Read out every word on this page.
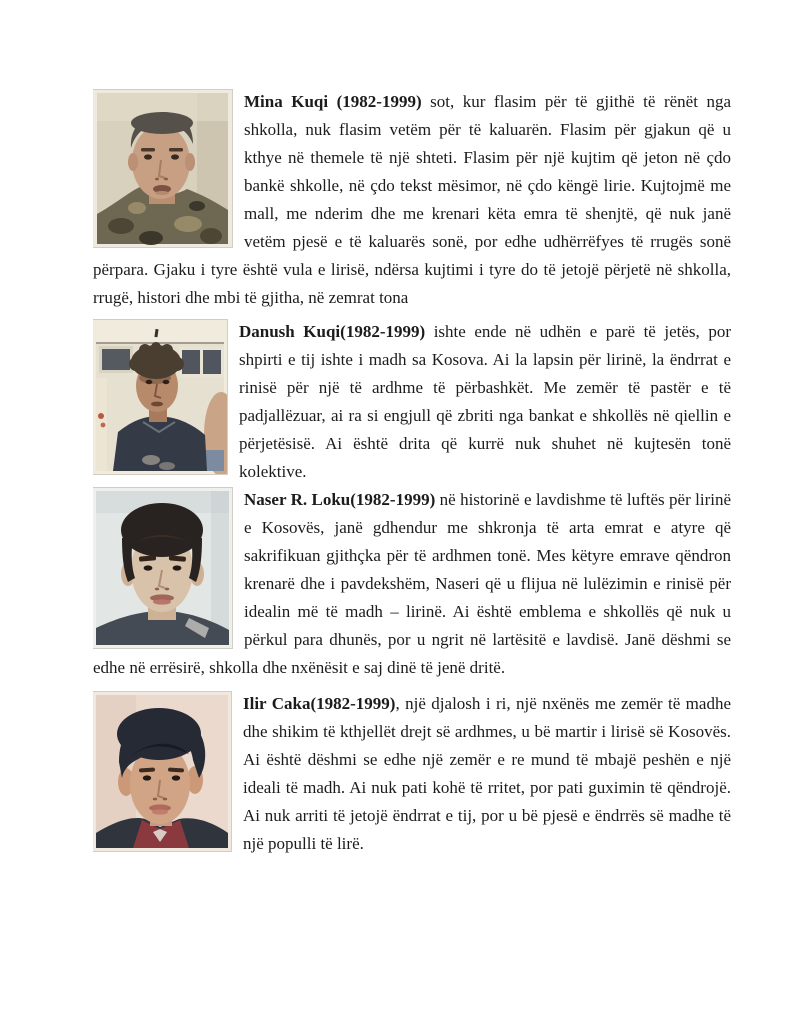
Mina Kuqi (1982-1999) sot, kur flasim për të gjithë të rënët nga shkolla, nuk flasim vetëm për të kaluarën. Flasim për gjakun që u kthye në themele të një shteti. Flasim për një kujtim që jeton në çdo bankë shkolle, në çdo tekst mësimor, në çdo këngë lirie. Kujtojmë me mall, me nderim dhe me krenari këta emra të shenjtë, që nuk janë vetëm pjesë e të kaluarës sonë, por edhe udhërrëfyes të rrugës sonë përpara. Gjaku i tyre është vula e lirisë, ndërsa kujtimi i tyre do të jetojë përjetë në shkolla, rrugë, histori dhe mbi të gjitha, në zemrat tona

Danush Kuqi(1982-1999) ishte ende në udhën e parë të jetës, por shpirti e tij ishte i madh sa Kosova. Ai la lapsin për lirinë, la ëndrrat e rinisë për një të ardhme të përbashkët. Me zemër të pastër e të padjallëzuar, ai ra si engjull që zbriti nga bankat e shkollës në qiellin e përjetësisë. Ai është drita që kurrë nuk shuhet në kujtesën tonë kolektive.

Naser R. Loku(1982-1999) në historinë e lavdishme të luftës për lirinë e Kosovës, janë gdhendur me shkronja të arta emrat e atyre që sakrifikuan gjithçka për të ardhmen tonë. Mes këtyre emrave qëndron krenarë dhe i pavdekshëm, Naseri që u flijua në lulëzimin e rinisë për idealin më të madh – lirinë. Ai është emblema e shkollës që nuk u përkul para dhunës, por u ngrit në lartësitë e lavdisë. Janë dëshmi se edhe në errësirë, shkolla dhe nxënësit e saj dinë të jenë dritë.

Ilir Caka(1982-1999), një djalosh i ri, një nxënës me zemër të madhe dhe shikim të kthjellët drejt së ardhmes, u bë martir i lirisë së Kosovës. Ai është dëshmi se edhe një zemër e re mund të mbajë peshën e një ideali të madh. Ai nuk pati kohë të rritet, por pati guximin të qëndrojë. Ai nuk arriti të jetojë ëndrrat e tij, por u bë pjesë e ëndrrës së madhe të një populli të lirë.
